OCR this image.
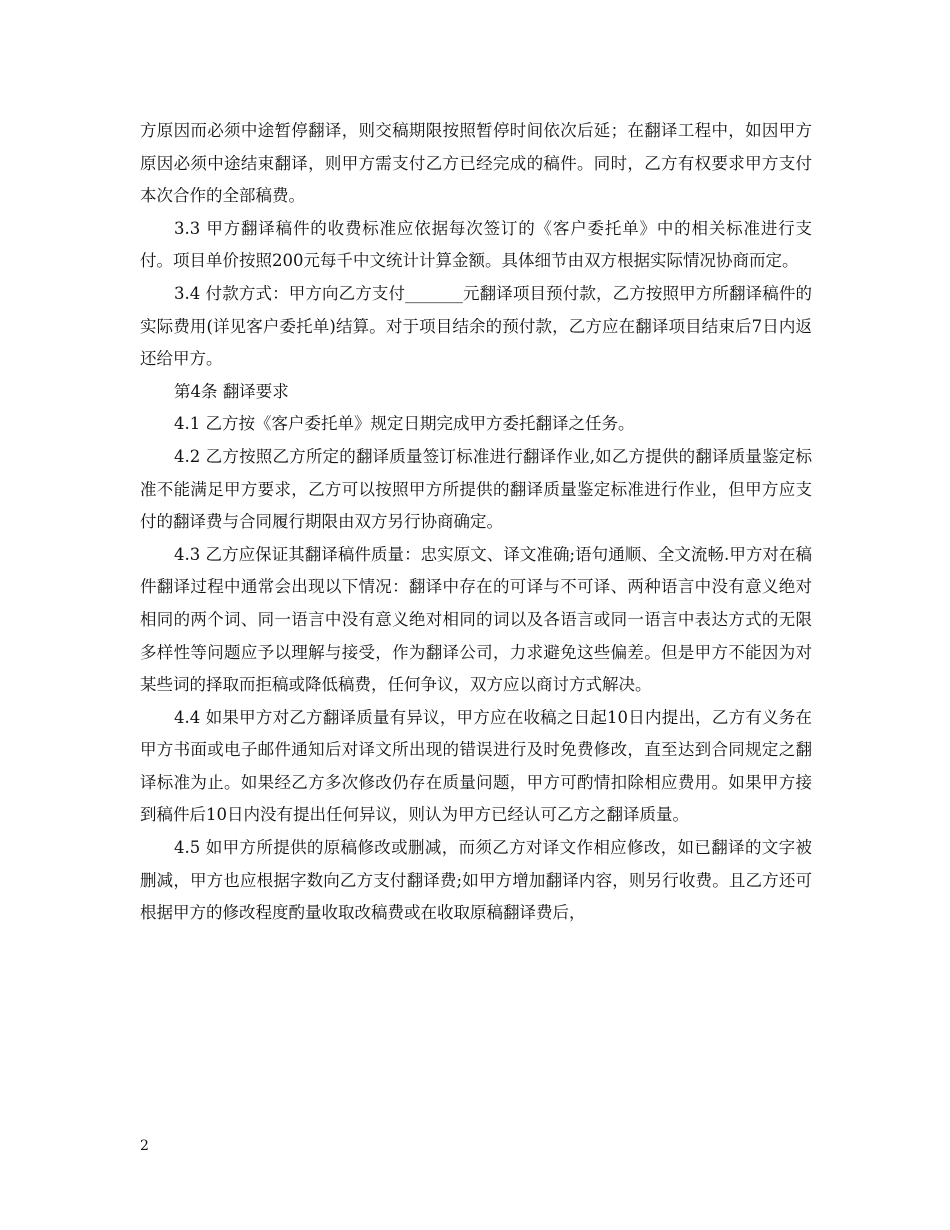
方原因而必须中途暂停翻译，则交稿期限按照暂停时间依次后延；在翻译工程中，如因甲方原因必须中途结束翻译，则甲方需支付乙方已经完成的稿件。同时，乙方有权要求甲方支付本次合作的全部稿费。

3.3 甲方翻译稿件的收费标准应依据每次签订的《客户委托单》中的相关标准进行支付。项目单价按照200元每千中文统计计算金额。具体细节由双方根据实际情况协商而定。

3.4 付款方式：甲方向乙方支付_______元翻译项目预付款，乙方按照甲方所翻译稿件的实际费用(详见客户委托单)结算。对于项目结余的预付款，乙方应在翻译项目结束后7日内返还给甲方。

第4条 翻译要求

4.1 乙方按《客户委托单》规定日期完成甲方委托翻译之任务。

4.2 乙方按照乙方所定的翻译质量签订标准进行翻译作业,如乙方提供的翻译质量鉴定标准不能满足甲方要求，乙方可以按照甲方所提供的翻译质量鉴定标准进行作业，但甲方应支付的翻译费与合同履行期限由双方另行协商确定。

4.3 乙方应保证其翻译稿件质量：忠实原文、译文准确;语句通顺、全文流畅.甲方对在稿件翻译过程中通常会出现以下情况：翻译中存在的可译与不可译、两种语言中没有意义绝对相同的两个词、同一语言中没有意义绝对相同的词以及各语言或同一语言中表达方式的无限多样性等问题应予以理解与接受，作为翻译公司，力求避免这些偏差。但是甲方不能因为对某些词的择取而拒稿或降低稿费，任何争议，双方应以商讨方式解决。

4.4 如果甲方对乙方翻译质量有异议，甲方应在收稿之日起10日内提出，乙方有义务在甲方书面或电子邮件通知后对译文所出现的错误进行及时免费修改，直至达到合同规定之翻译标准为止。如果经乙方多次修改仍存在质量问题，甲方可酌情扣除相应费用。如果甲方接到稿件后10日内没有提出任何异议，则认为甲方已经认可乙方之翻译质量。

4.5 如甲方所提供的原稿修改或删减，而须乙方对译文作相应修改，如已翻译的文字被删减，甲方也应根据字数向乙方支付翻译费;如甲方增加翻译内容，则另行收费。且乙方还可根据甲方的修改程度酌量收取改稿费或在收取原稿翻译费后，

2
